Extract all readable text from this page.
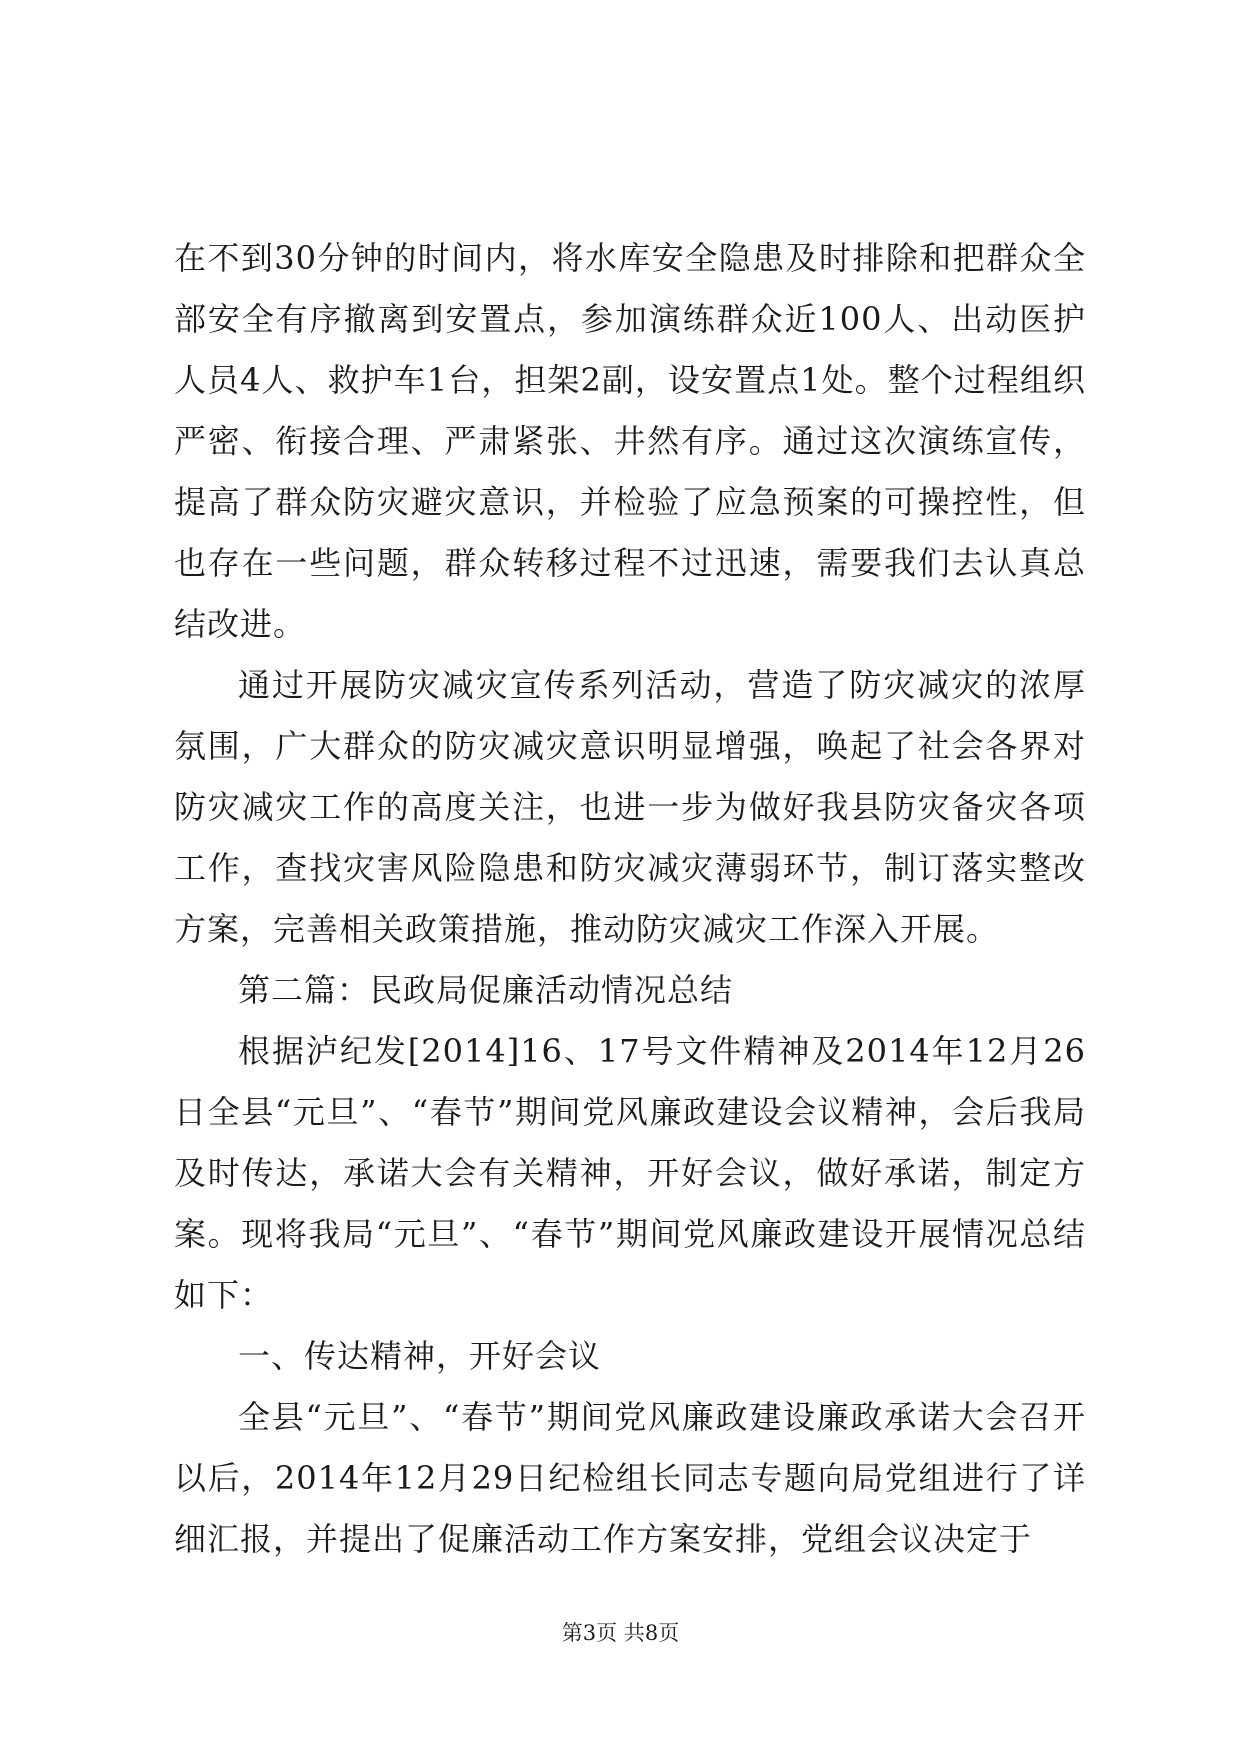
在不到30分钟的时间内，将水库安全隐患及时排除和把群众全部安全有序撤离到安置点，参加演练群众近100人、出动医护人员4人、救护车1台，担架2副，设安置点1处。整个过程组织严密、衔接合理、严肃紧张、井然有序。通过这次演练宣传，提高了群众防灾避灾意识，并检验了应急预案的可操控性，但也存在一些问题，群众转移过程不过迅速，需要我们去认真总结改进。

通过开展防灾减灾宣传系列活动，营造了防灾减灾的浓厚氛围，广大群众的防灾减灾意识明显增强，唤起了社会各界对防灾减灾工作的高度关注，也进一步为做好我县防灾备灾各项工作，查找灾害风险隐患和防灾减灾薄弱环节，制订落实整改方案，完善相关政策措施，推动防灾减灾工作深入开展。

第二篇：民政局促廉活动情况总结

根据泸纪发[2014]16、17号文件精神及2014年12月26日全县“元旦”、“春节”期间党风廉政建设会议精神，会后我局及时传达，承诺大会有关精神，开好会议，做好承诺，制定方案。现将我局“元旦”、“春节”期间党风廉政建设开展情况总结如下：

一、传达精神，开好会议

全县“元旦”、“春节”期间党风廉政建设廉政承诺大会召开以后，2014年12月29日纪检组长同志专题向局党组进行了详细汇报，并提出了促廉活动工作方案安排，党组会议决定于

第3页 共8页
